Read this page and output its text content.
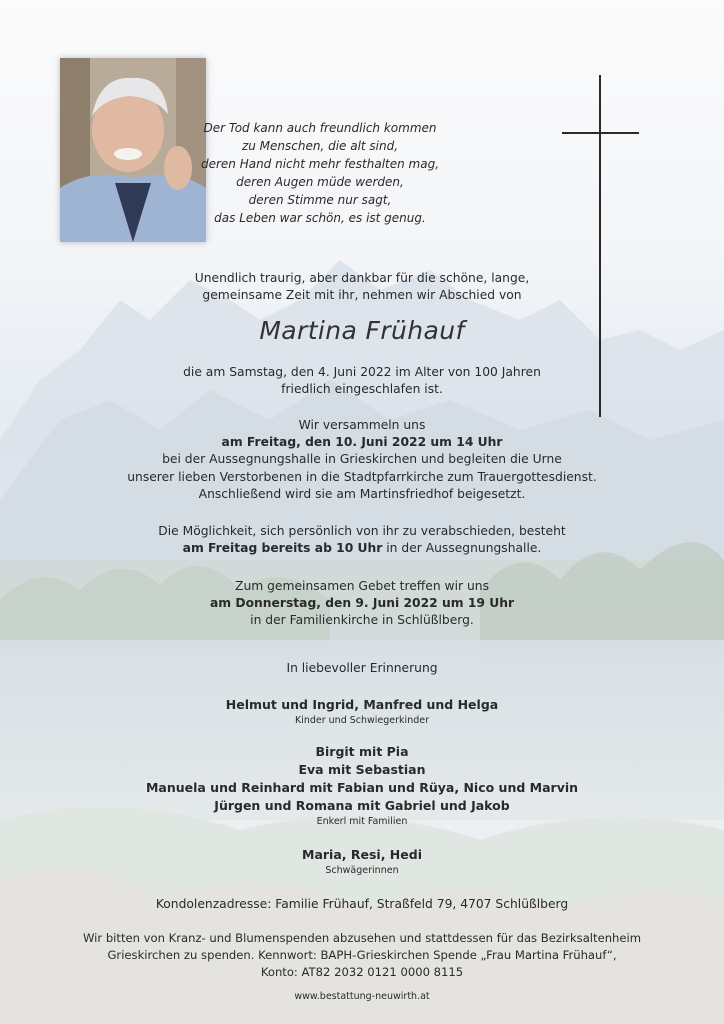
Der Tod kann auch freundlich kommen
zu Menschen, die alt sind,
deren Hand nicht mehr festhalten mag,
deren Augen müde werden,
deren Stimme nur sagt,
das Leben war schön, es ist genug.
Unendlich traurig, aber dankbar für die schöne, lange,
gemeinsame Zeit mit ihr, nehmen wir Abschied von
Martina Frühauf
die am Samstag, den 4. Juni 2022 im Alter von 100 Jahren
friedlich eingeschlafen ist.
Wir versammeln uns
am Freitag, den 10. Juni 2022 um 14 Uhr
bei der Aussegnungshalle in Grieskirchen und begleiten die Urne
unserer lieben Verstorbenen in die Stadtpfarrkirche zum Trauergottesdienst.
Anschließend wird sie am Martinsfriedhof beigesetzt.
Die Möglichkeit, sich persönlich von ihr zu verabschieden, besteht
am Freitag bereits ab 10 Uhr in der Aussegnungshalle.
Zum gemeinsamen Gebet treffen wir uns
am Donnerstag, den 9. Juni 2022 um 19 Uhr
in der Familienkirche in Schlüßlberg.
In liebevoller Erinnerung
Helmut und Ingrid, Manfred und Helga
Kinder und Schwiegerkinder
Birgit mit Pia
Eva mit Sebastian
Manuela und Reinhard mit Fabian und Rüya, Nico und Marvin
Jürgen und Romana mit Gabriel und Jakob
Enkerl mit Familien
Maria, Resi, Hedi
Schwägerinnen
Kondolenzadresse: Familie Frühauf, Straßfeld 79, 4707 Schlüßlberg
Wir bitten von Kranz- und Blumenspenden abzusehen und stattdessen für das Bezirksaltenheim
Grieskirchen zu spenden. Kennwort: BAPH-Grieskirchen Spende „Frau Martina Frühauf“,
Konto: AT82 2032 0121 0000 8115
www.bestattung-neuwirth.at
